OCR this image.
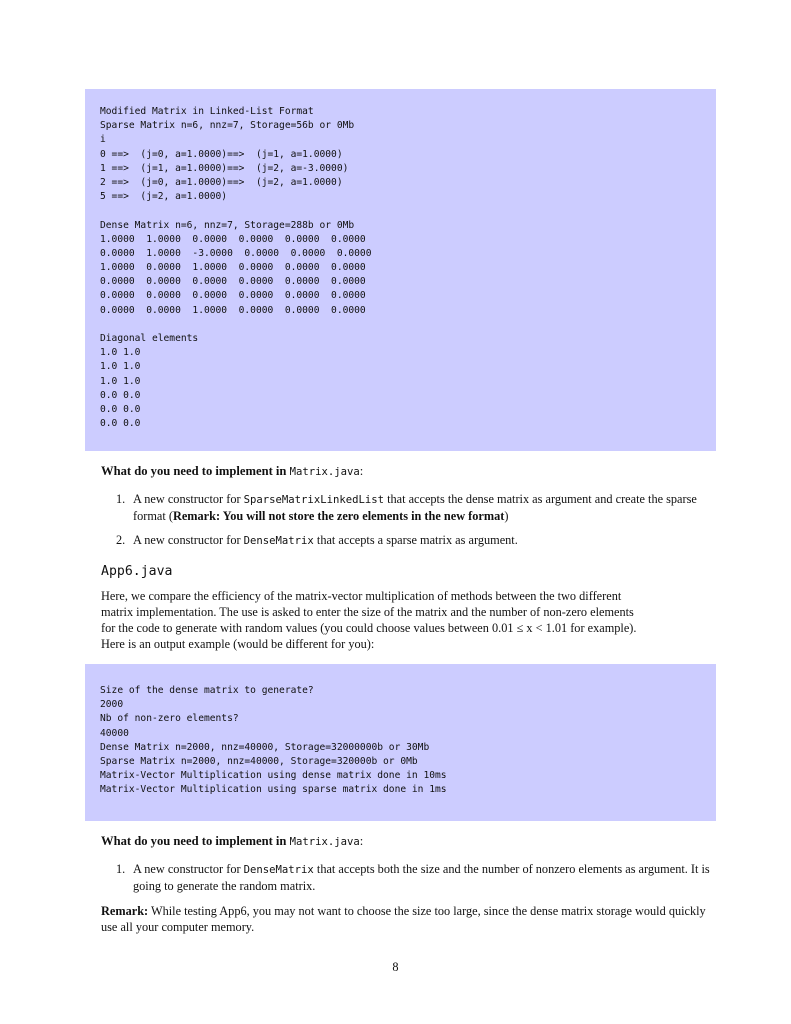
Modified Matrix in Linked-List Format
Sparse Matrix n=6, nnz=7, Storage=56b or 0Mb
i
0 ==>  (j=0, a=1.0000)==>  (j=1, a=1.0000)
1 ==>  (j=1, a=1.0000)==>  (j=2, a=-3.0000)
2 ==>  (j=0, a=1.0000)==>  (j=2, a=1.0000)
5 ==>  (j=2, a=1.0000)
Dense Matrix n=6, nnz=7, Storage=288b or 0Mb
1.0000  1.0000  0.0000  0.0000  0.0000  0.0000
0.0000  1.0000  -3.0000  0.0000  0.0000  0.0000
1.0000  0.0000  1.0000  0.0000  0.0000  0.0000
0.0000  0.0000  0.0000  0.0000  0.0000  0.0000
0.0000  0.0000  0.0000  0.0000  0.0000  0.0000
0.0000  0.0000  1.0000  0.0000  0.0000  0.0000
Diagonal elements
1.0 1.0
1.0 1.0
1.0 1.0
0.0 0.0
0.0 0.0
0.0 0.0
What do you need to implement in Matrix.java:
1. A new constructor for SparseMatrixLinkedList that accepts the dense matrix as argument and create the sparse format (Remark: You will not store the zero elements in the new format)
2. A new constructor for DenseMatrix that accepts a sparse matrix as argument.
App6.java
Here, we compare the efficiency of the matrix-vector multiplication of methods between the two different
matrix implementation. The use is asked to enter the size of the matrix and the number of non-zero elements
for the code to generate with random values (you could choose values between 0.01 ≤ x < 1.01 for example).
Here is an output example (would be different for you):
Size of the dense matrix to generate?
2000
Nb of non-zero elements?
40000
Dense Matrix n=2000, nnz=40000, Storage=32000000b or 30Mb
Sparse Matrix n=2000, nnz=40000, Storage=320000b or 0Mb
Matrix-Vector Multiplication using dense matrix done in 10ms
Matrix-Vector Multiplication using sparse matrix done in 1ms
What do you need to implement in Matrix.java:
1. A new constructor for DenseMatrix that accepts both the size and the number of nonzero elements as argument. It is going to generate the random matrix.
Remark: While testing App6, you may not want to choose the size too large, since the dense matrix storage would quickly use all your computer memory.
8
